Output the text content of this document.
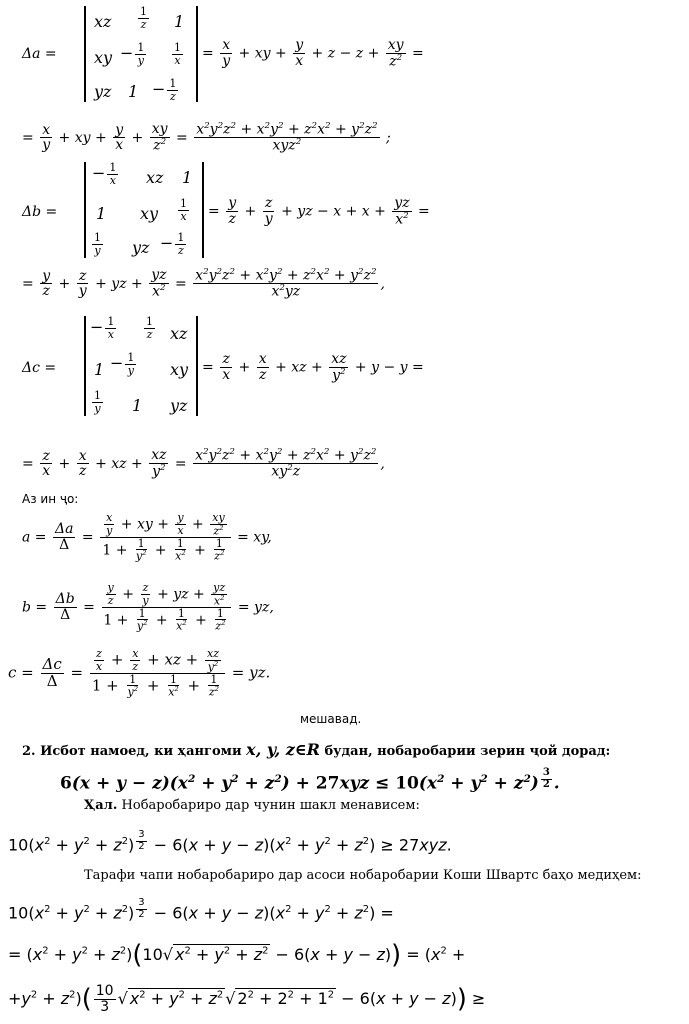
Δa =
xz $\frac{1}{z} 1$
xy − $\frac{1}{y} \frac{1}{x}$
yz $1 - \frac{1}{z}$
= $\frac{x}{y}$ + xy + $\frac{y}{x} + z - z + \frac{xy}{z^2}$ =
= $\frac{x}{y}$ + xy + $\frac{y}{x} + \frac{xy}{z^2} = \frac{x^2y^2z^2 + x^2y^2 + z^2x^2 + y^2z^2}{xyz^2}$ ;
Δb =
− $\frac{1}{x}$ xz 1
1 xy $\frac{1}{x}$
$\frac{1}{y}$ yz − $\frac{1}{z}$
= $\frac{y}{z} + \frac{z}{y}$ + yz − $x + x + \frac{yz}{x^2}$ =
= $\frac{y}{z} + \frac{z}{y}$ + yz + $\frac{yz}{x^2} = \frac{x^2y^2z^2 + x^2y^2 + z^2x^2 + y^2z^2}{x^2yz}$ ,
Δc =
− $\frac{1}{x}$	$\frac{1}{z}$ xz
$1 - \frac{1}{y}$ xy
$\frac{1}{y} 1$ yz
= $\frac{z}{x} + \frac{x}{z}$ + xz + $\frac{xz}{y^2} + y - y$ =
= $\frac{z}{x} + \frac{x}{z}$ + xz + $\frac{xz}{y^2} = \frac{x^2y^2z^2 + x^2y^2 + z^2x^2 + y^2z^2}{xy^2z}$ ,
Аз ин ҷо:
$a = \frac{\Delta a}{\Delta} = \frac{\frac{x}{y} + xy + \frac{y}{x} + \frac{xy}{z^2}}{1 + \frac{1}{y^2} + \frac{1}{x^2} + \frac{1}{z^2}}$ = xy,
$b = \frac{\Delta b}{\Delta} = \frac{\frac{y}{z} + \frac{z}{y} + yz + \frac{yz}{x^2}}{1 + \frac{1}{y^2} + \frac{1}{x^2} + \frac{1}{z^2}}$ = yz,
$c = \frac{\Delta c}{\Delta} = \frac{\frac{z}{x} + \frac{x}{z} + xz + \frac{xz}{y^2}}{1 + \frac{1}{y^2} + \frac{1}{x^2} + \frac{1}{z^2}}$ = yz.
мешавад.
2. Исбот намоед, ки ҳангоми x, y, z∈R будан, нобаробарии зерин ҷой дорад:
$6(x + y - z)(x^2 + y^2 + z^2) + 27xyz \le 10(x^2 + y^2 + z^2)$ $^{\frac{3}{2}}$ .
Ҳал. Нобаробариро дар чунин шакл менависем:
$10(x^2 + y^2 + z^2) ^{\frac{3}{2}} - 6(x + y - z)(x^2 + y^2 + z^2) \ge 27xyz$.
Тарафи чапи нобаробариро дар асоси нобаробарии Коши Швартс баҳо медиҳем:
$10(x^2 + y^2 + z^2) ^{\frac{3}{2}} - 6(x + y - z)(x^2 + y^2 + z^2)$ =
= $(x^2 + y^2 + z^2)(10√$ $x^2 + y^2 + z^2 - 6(x + y - z)) = (x^2$ +
$+y^2 + z^2)( \frac{10}{3}$ √ $x^2 + y^2 + z^2$ √ $2^2 + 2^2 + 1^2 - 6(x + y - z)$) ≥
